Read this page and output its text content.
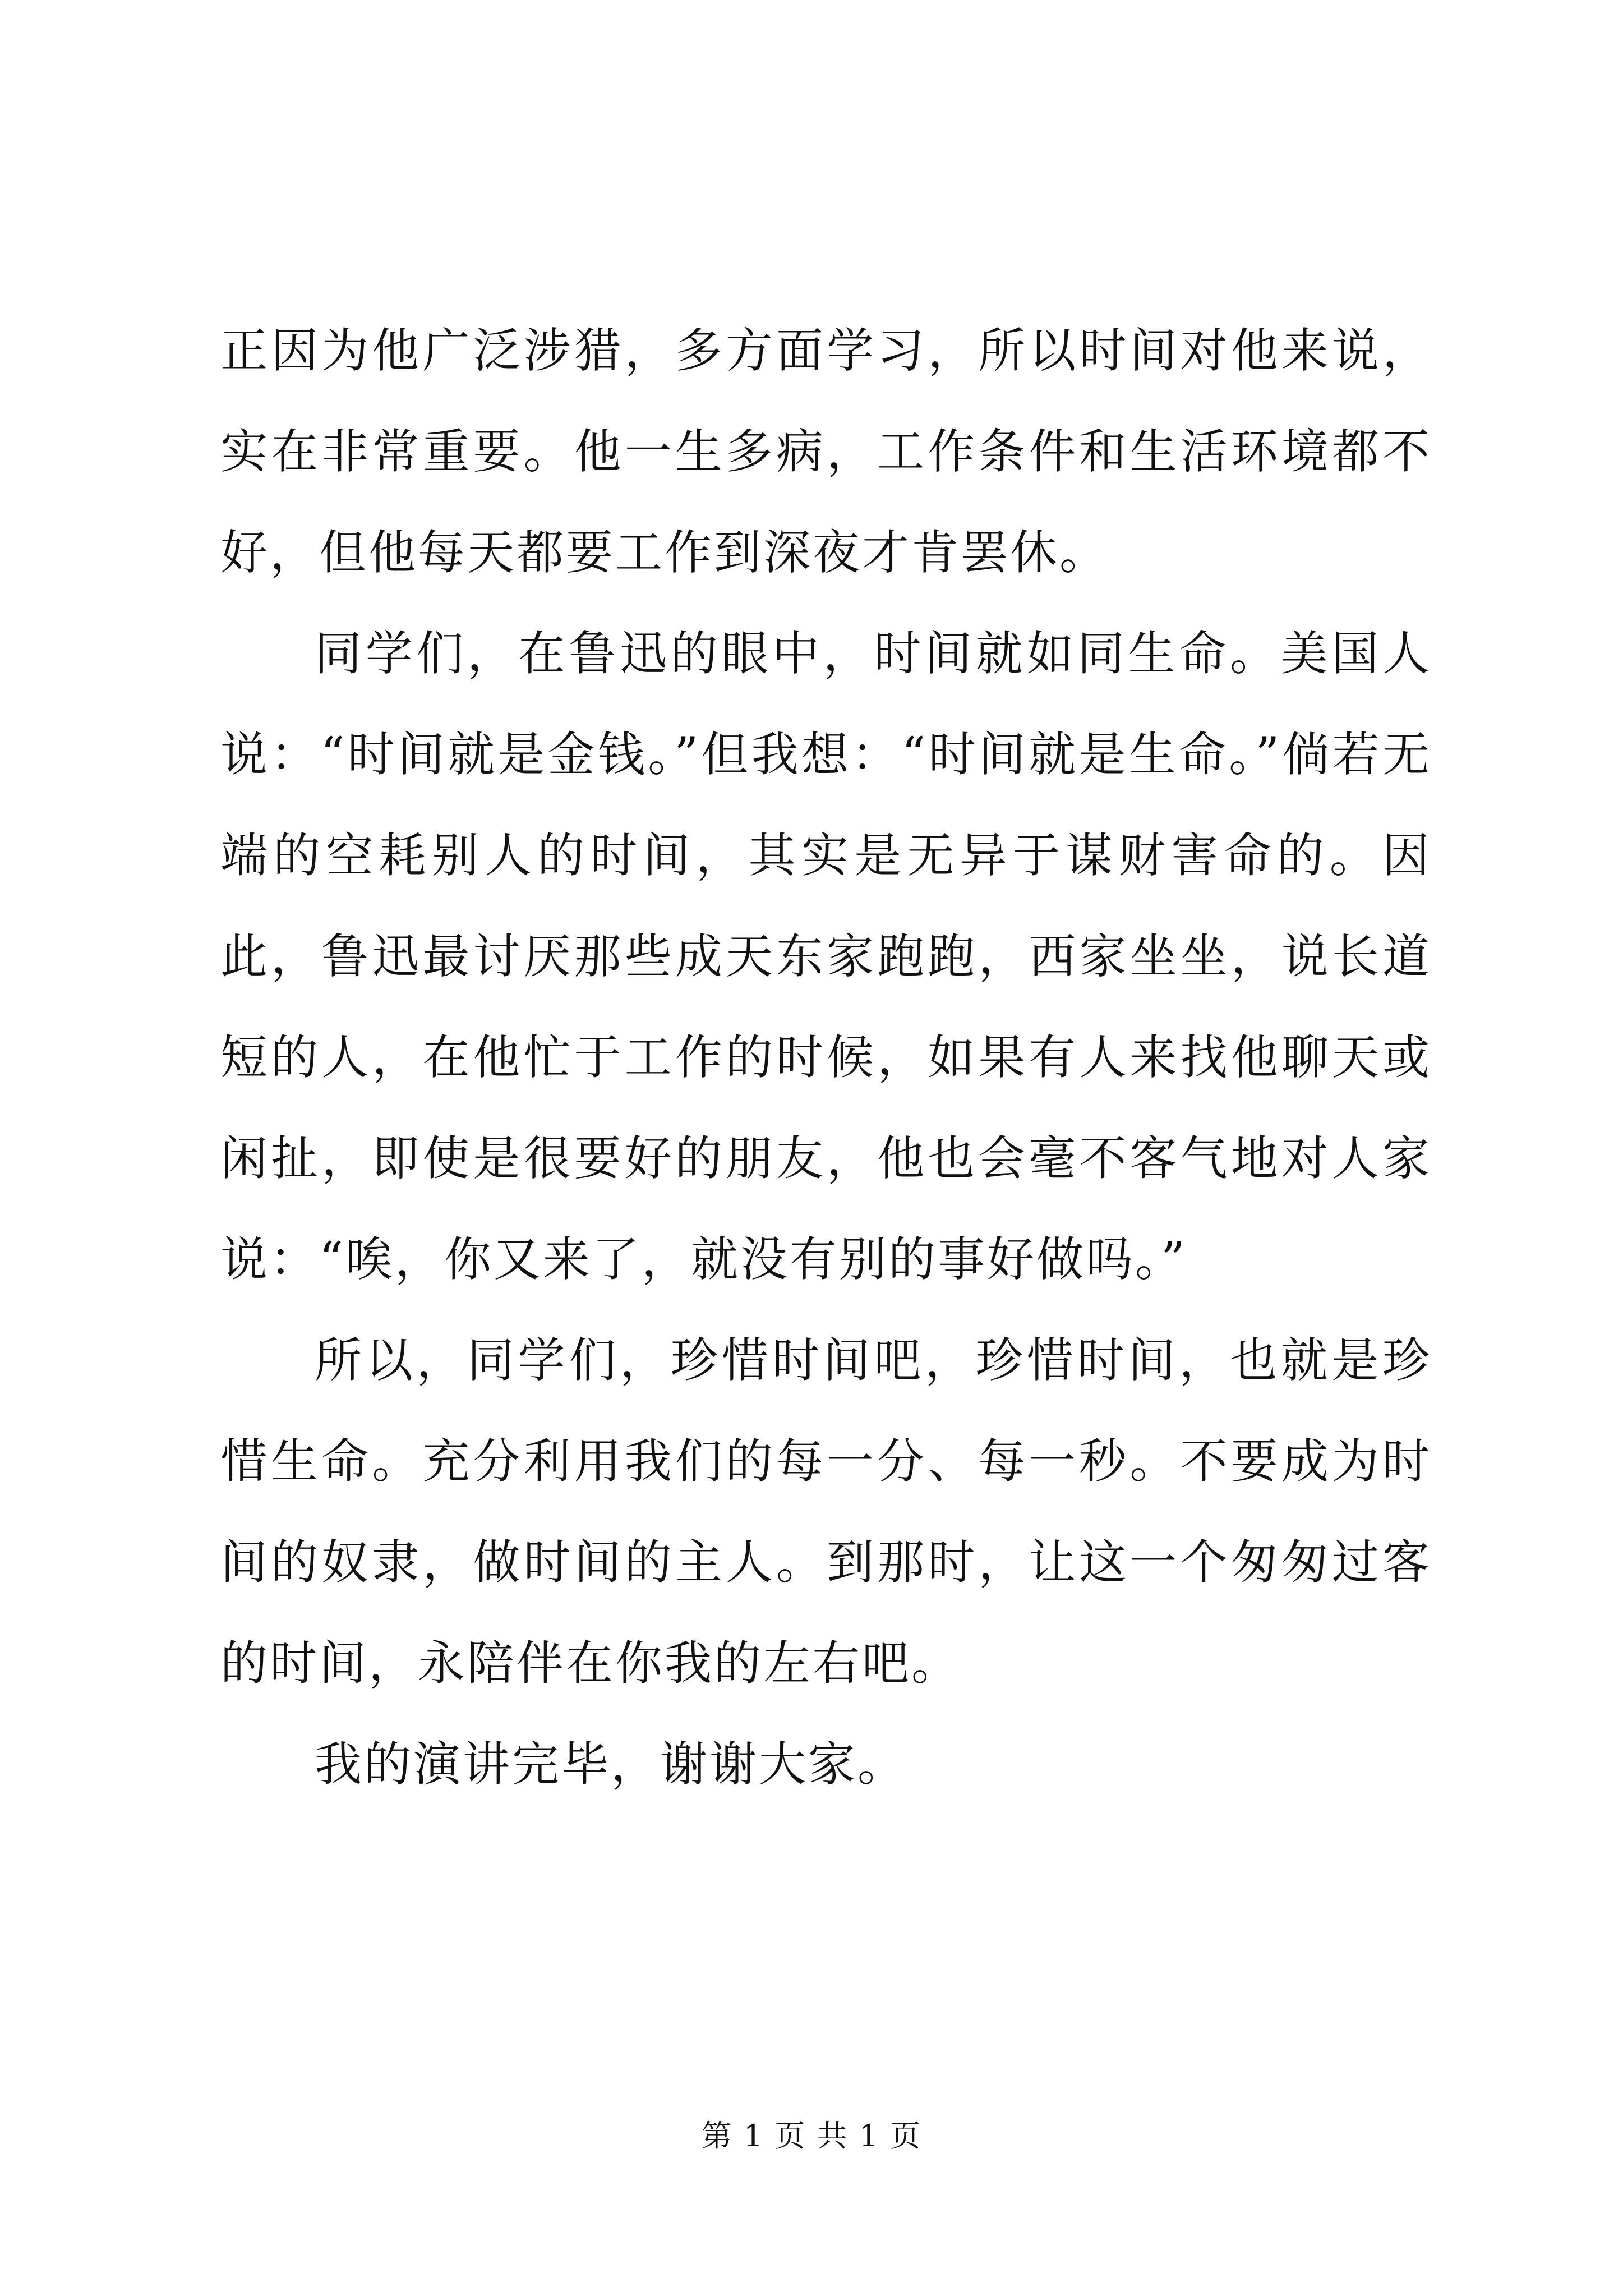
正因为他广泛涉猎，多方面学习，所以时间对他来说，实在非常重要。他一生多病，工作条件和生活环境都不好，但他每天都要工作到深夜才肯罢休。

同学们，在鲁迅的眼中，时间就如同生命。美国人说：“时间就是金钱。”但我想：“时间就是生命。”倘若无端的空耗别人的时间，其实是无异于谋财害命的。因此，鲁迅最讨厌那些成天东家跑跑，西家坐坐，说长道短的人，在他忙于工作的时候，如果有人来找他聊天或闲扯，即使是很要好的朋友，他也会毫不客气地对人家说：“唉，你又来了，就没有别的事好做吗。”

所以，同学们，珍惜时间吧，珍惜时间，也就是珍惜生命。充分利用我们的每一分、每一秒。不要成为时间的奴隶，做时间的主人。到那时，让这一个匆匆过客的时间，永陪伴在你我的左右吧。

我的演讲完毕，谢谢大家。

第 1 页 共 1 页
